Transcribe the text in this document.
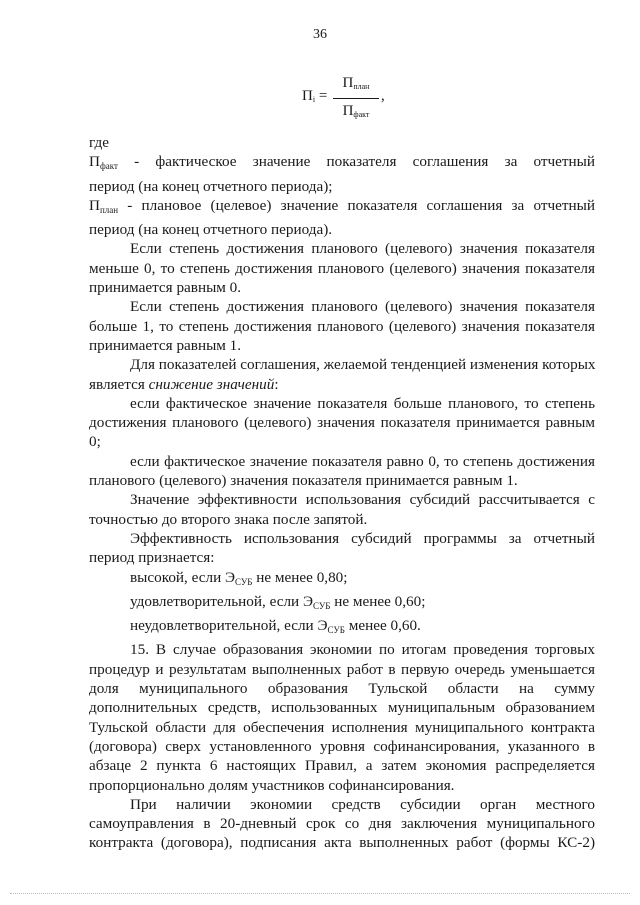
36
$П_i$ =
$П_{план}$
$П_{факт}$
,
где
$П_{факт}$ - фактическое значение показателя соглашения за отчетный
период (на конец отчетного периода);
$П_{план}$ - плановое (целевое) значение показателя соглашения за отчетный
период (на конец отчетного периода).
Если степень достижения планового (целевого) значения показателя
меньше 0, то степень достижения планового (целевого) значения показателя
принимается равным 0.
Если степень достижения планового (целевого) значения показателя
больше 1, то степень достижения планового (целевого) значения показателя
принимается равным 1.
Для показателей соглашения, желаемой тенденцией изменения которых
является снижение значений:
если фактическое значение показателя больше планового, то степень
достижения планового (целевого) значения показателя принимается равным
0;
если фактическое значение показателя равно 0, то степень достижения
планового (целевого) значения показателя принимается равным 1.
Значение эффективности использования субсидий рассчитывается с
точностью до второго знака после запятой.
Эффективность использования субсидий программы за отчетный
период признается:
высокой, если $Э_{СУБ}$ не менее 0,80;
удовлетворительной, если $Э_{СУБ}$ не менее 0,60;
неудовлетворительной, если $Э_{СУБ}$ менее 0,60.
15. В случае образования экономии по итогам проведения торговых
процедур и результатам выполненных работ в первую очередь уменьшается
доля муниципального образования Тульской области на сумму
дополнительных средств, использованных муниципальным образованием
Тульской области для обеспечения исполнения муниципального контракта
(договора) сверх установленного уровня софинансирования, указанного в
абзаце 2 пункта 6 настоящих Правил, а затем экономия распределяется
пропорционально долям участников софинансирования.
При наличии экономии средств субсидии орган местного
самоуправления в 20-дневный срок со дня заключения муниципального
контракта (договора), подписания акта выполненных работ (формы КС-2)
